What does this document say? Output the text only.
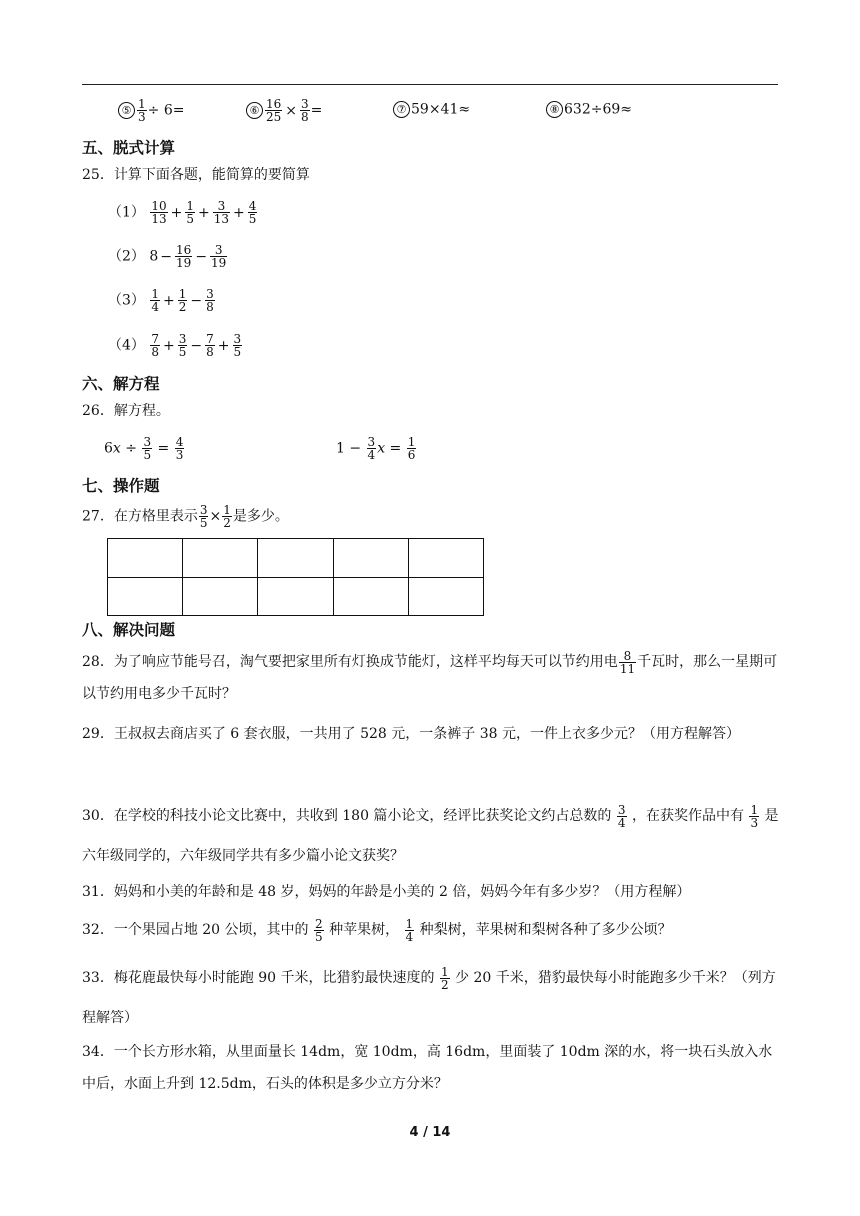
⑤ $\frac{1}{3} \div 6=$	⑥ $\frac{16}{25} \times \frac{3}{8}$ =	⑦ 59×41≈	⑧ 632÷69≈
五、脱式计算
25．计算下面各题，能简算的要简算
$(1) \frac{10}{13} + \frac{1}{5} + \frac{3}{13} + \frac{4}{5}$
（2） $8 - \frac{16}{19} - \frac{3}{19}$
$(3) \frac{1}{4} + \frac{1}{2} - \frac{3}{8}$
$(4) \frac{7}{8} + \frac{3}{5} - \frac{7}{8} + \frac{3}{5}$
六、解方程
26．解方程。
$6x \div \frac{3}{5} = \frac{4}{3}$	$1 - \frac{3}{4}$ $x = \frac{1}{6}$
七、操作题
27．在方格里表示 $\frac{3}{5} \times \frac{1}{2}$ 是多少。
八、解决问题
28．为了响应节能号召，淘气要把家里所有灯换成节能灯，这样平均每天可以节约用电 $\frac{8}{11}$ 千瓦时，那么一星期可以节约用电多少千瓦时？
29．王叔叔去商店买了 6 套衣服，一共用了 528 元，一条裤子 38 元，一件上衣多少元？（用方程解答）
30．在学校的科技小论文比赛中，共收到 180 篇小论文，经评比获奖论文约占总数的 $\frac{3}{4}$ ，在获奖作品中有 $\frac{1}{3}$ 是六年级同学的，六年级同学共有多少篇小论文获奖？
31．妈妈和小美的年龄和是 48 岁，妈妈的年龄是小美的 2 倍，妈妈今年有多少岁？（用方程解）
32．一个果园占地 20 公顷，其中的 $\frac{2}{5}$ 种苹果树， $\frac{1}{4}$ 种梨树，苹果树和梨树各种了多少公顷？
33．梅花鹿最快每小时能跑 90 千米，比猎豹最快速度的 $\frac{1}{2}$ 少 20 千米，猎豹最快每小时能跑多少千米？（列方程解答）
34．一个长方形水箱，从里面量长 14dm，宽 10dm，高 16dm，里面装了 10dm 深的水，将一块石头放入水中后，水面上升到 12.5dm，石头的体积是多少立方分米？
4 / 14
